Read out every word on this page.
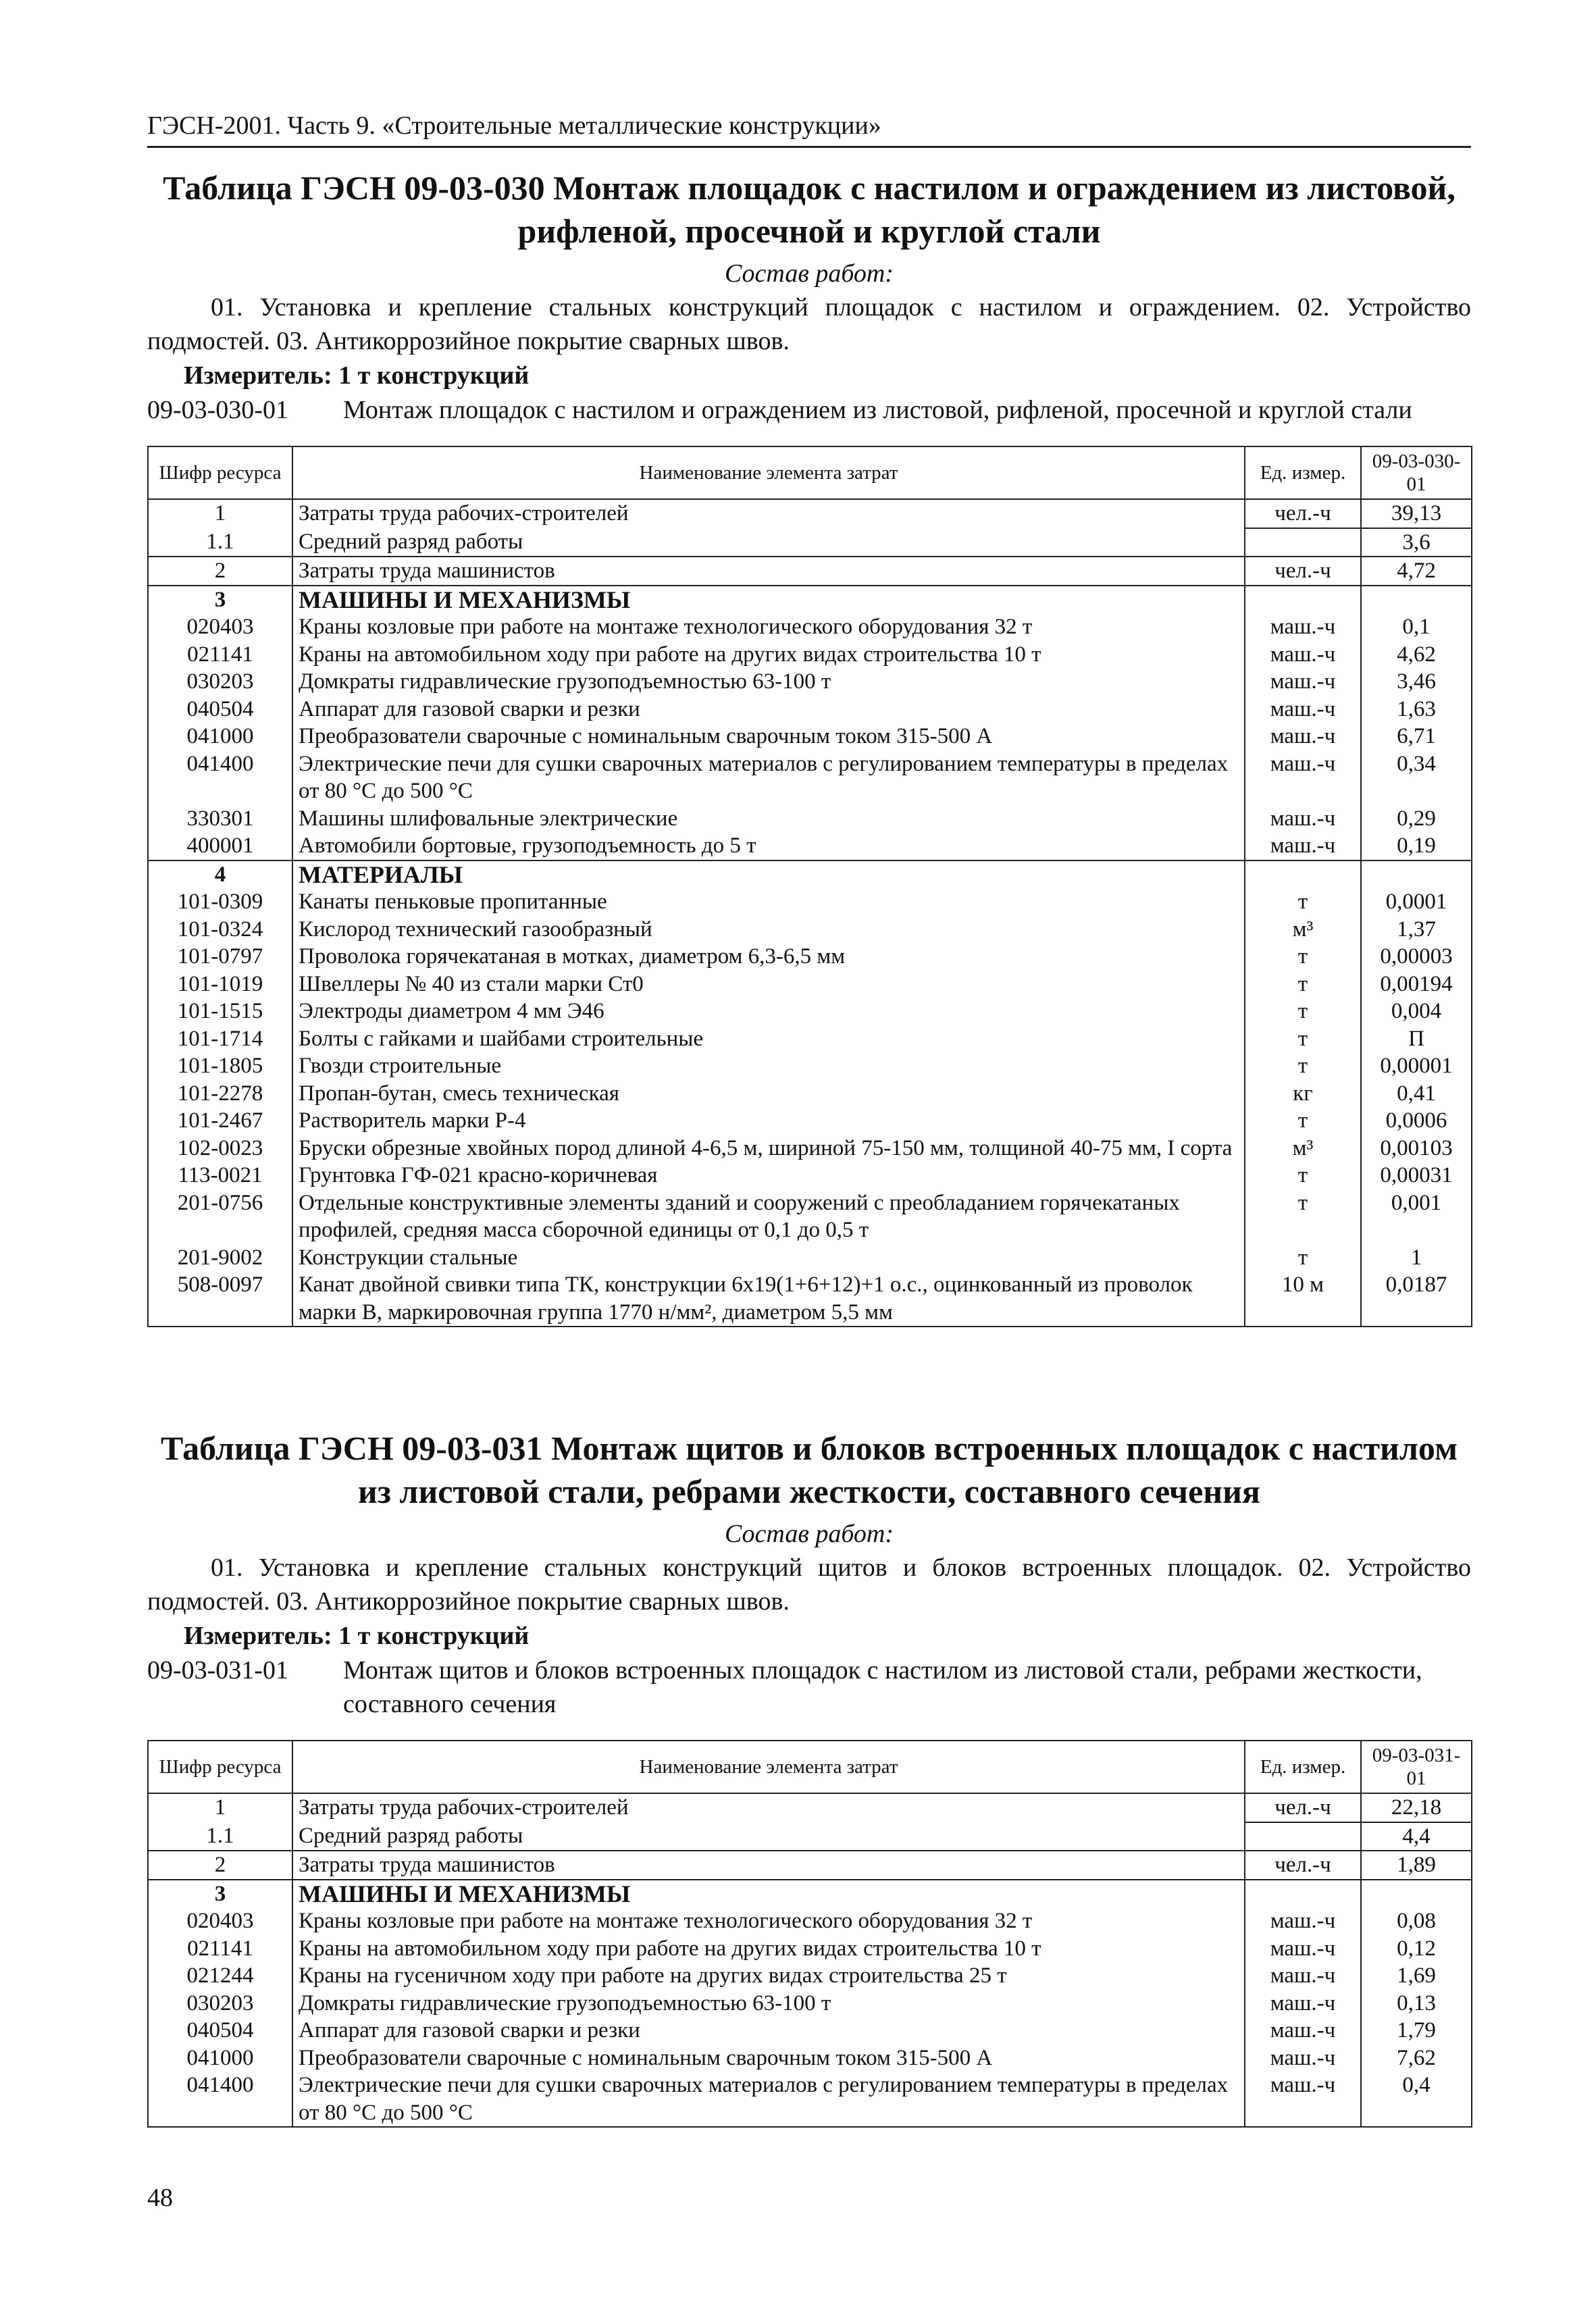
ГЭСН-2001. Часть 9. «Строительные металлические конструкции»
Таблица ГЭСН 09-03-030 Монтаж площадок с настилом и ограждением из листовой, рифленой, просечной и круглой стали
Состав работ:
01. Установка и крепление стальных конструкций площадок с настилом и ограждением. 02. Устройство подмостей. 03. Антикоррозийное покрытие сварных швов.
Измеритель: 1 т конструкций
09-03-030-01	Монтаж площадок с настилом и ограждением из листовой, рифленой, просечной и круглой стали
Шифр ресурса	Наименование элемента затрат	Ед. измер.	09-03-030-01
1	Затраты труда рабочих-строителей	чел.-ч	39,13
1.1	Средний разряд работы		3,6
2	Затраты труда машинистов	чел.-ч	4,72
3	МАШИНЫ И МЕХАНИЗМЫ		
020403	Краны козловые при работе на монтаже технологического оборудования 32 т	маш.-ч	0,1
021141	Краны на автомобильном ходу при работе на других видах строительства 10 т	маш.-ч	4,62
030203	Домкраты гидравлические грузоподъемностью 63-100 т	маш.-ч	3,46
040504	Аппарат для газовой сварки и резки	маш.-ч	1,63
041000	Преобразователи сварочные с номинальным сварочным током 315-500 А	маш.-ч	6,71
041400	Электрические печи для сушки сварочных материалов с регулированием температуры в пределах от 80 °С до 500 °С	маш.-ч	0,34
330301	Машины шлифовальные электрические	маш.-ч	0,29
400001	Автомобили бортовые, грузоподъемность до 5 т	маш.-ч	0,19
4	МАТЕРИАЛЫ		
101-0309	Канаты пеньковые пропитанные	т	0,0001
101-0324	Кислород технический газообразный	м³	1,37
101-0797	Проволока горячекатаная в мотках, диаметром 6,3-6,5 мм	т	0,00003
101-1019	Швеллеры № 40 из стали марки Ст0	т	0,00194
101-1515	Электроды диаметром 4 мм Э46	т	0,004
101-1714	Болты с гайками и шайбами строительные	т	П
101-1805	Гвозди строительные	т	0,00001
101-2278	Пропан-бутан, смесь техническая	кг	0,41
101-2467	Растворитель марки Р-4	т	0,0006
102-0023	Бруски обрезные хвойных пород длиной 4-6,5 м, шириной 75-150 мм, толщиной 40-75 мм, I сорта	м³	0,00103
113-0021	Грунтовка ГФ-021 красно-коричневая	т	0,00031
201-0756	Отдельные конструктивные элементы зданий и сооружений с преобладанием горячекатаных профилей, средняя масса сборочной единицы от 0,1 до 0,5 т	т	0,001
201-9002	Конструкции стальные	т	1
508-0097	Канат двойной свивки типа ТК, конструкции 6х19(1+6+12)+1 о.с., оцинкованный из проволок марки В, маркировочная группа 1770 н/мм², диаметром 5,5 мм	10 м	0,0187
Таблица ГЭСН 09-03-031 Монтаж щитов и блоков встроенных площадок с настилом из листовой стали, ребрами жесткости, составного сечения
Состав работ:
01. Установка и крепление стальных конструкций щитов и блоков встроенных площадок. 02. Устройство подмостей. 03. Антикоррозийное покрытие сварных швов.
Измеритель: 1 т конструкций
09-03-031-01	Монтаж щитов и блоков встроенных площадок с настилом из листовой стали, ребрами жесткости, составного сечения
Шифр ресурса	Наименование элемента затрат	Ед. измер.	09-03-031-01
1	Затраты труда рабочих-строителей	чел.-ч	22,18
1.1	Средний разряд работы		4,4
2	Затраты труда машинистов	чел.-ч	1,89
3	МАШИНЫ И МЕХАНИЗМЫ		
020403	Краны козловые при работе на монтаже технологического оборудования 32 т	маш.-ч	0,08
021141	Краны на автомобильном ходу при работе на других видах строительства 10 т	маш.-ч	0,12
021244	Краны на гусеничном ходу при работе на других видах строительства 25 т	маш.-ч	1,69
030203	Домкраты гидравлические грузоподъемностью 63-100 т	маш.-ч	0,13
040504	Аппарат для газовой сварки и резки	маш.-ч	1,79
041000	Преобразователи сварочные с номинальным сварочным током 315-500 А	маш.-ч	7,62
041400	Электрические печи для сушки сварочных материалов с регулированием температуры в пределах от 80 °С до 500 °С	маш.-ч	0,4
48
